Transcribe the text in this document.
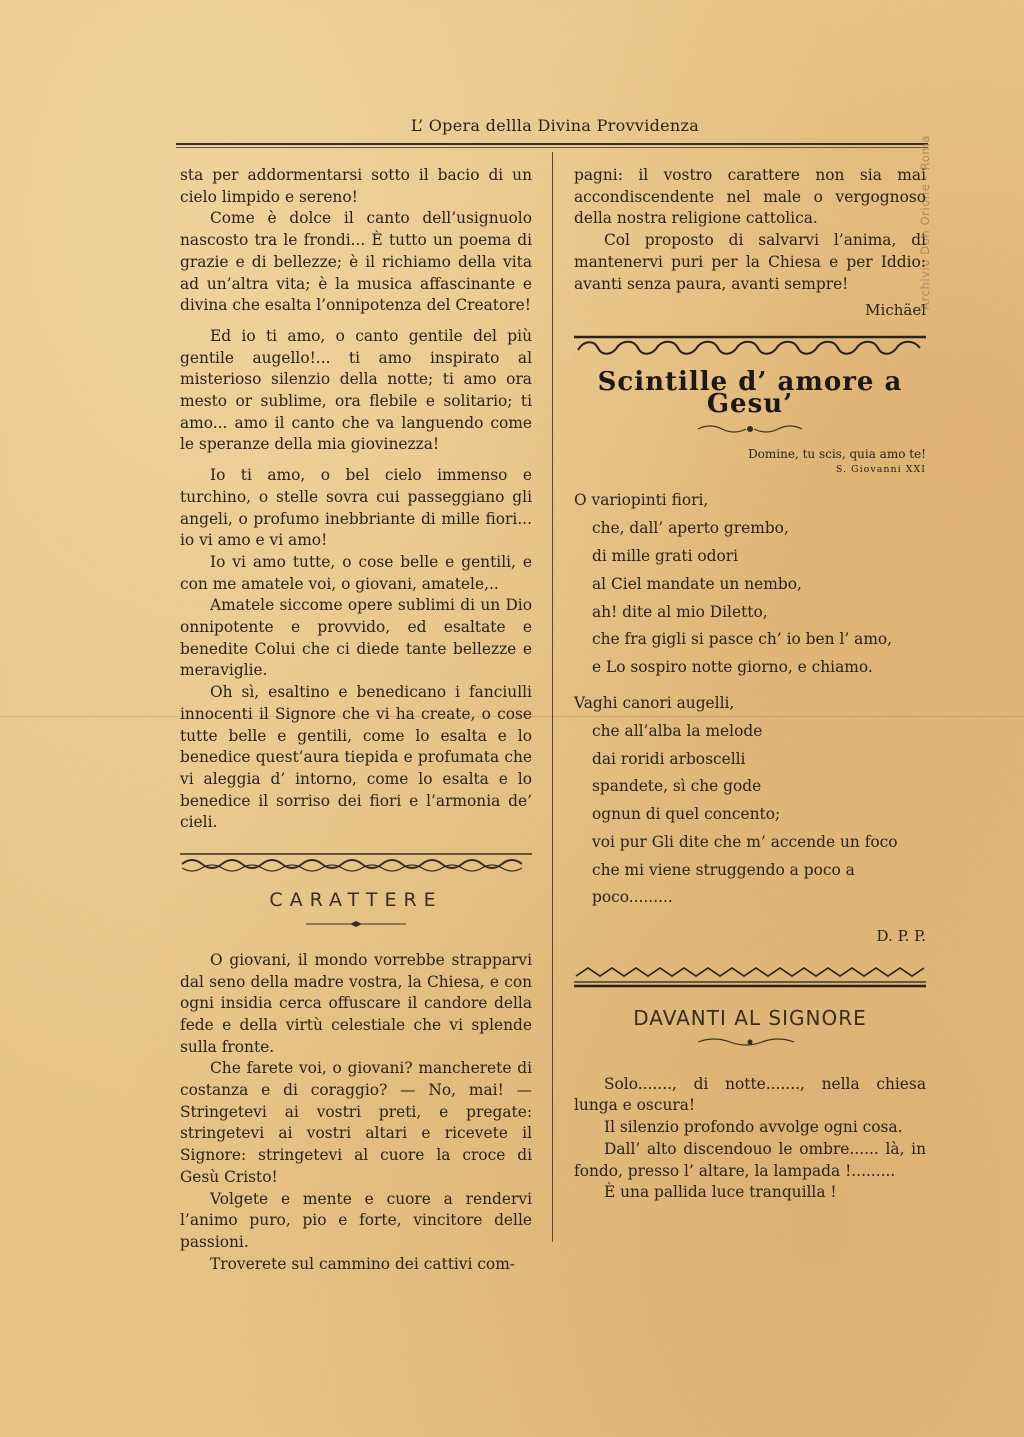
L’ Opera dellla Divina Provvidenza
Archivio Don Orione - Roma

sta per addormentarsi sotto il bacio di un cielo limpido e sereno!

Come è dolce il canto dell’usignuolo nascosto tra le frondi... È tutto un poema di grazie e di bellezze; è il richiamo della vita ad un’altra vita; è la musica affascinante e divina che esalta l’onnipotenza del Creatore!

Ed io ti amo, o canto gentile del più gentile augello!... ti amo inspirato al misterioso silenzio della notte; ti amo ora mesto or sublime, ora flebile e solitario; ti amo... amo il canto che va languendo come le speranze della mia giovinezza!

Io ti amo, o bel cielo immenso e turchino, o stelle sovra cui passeggiano gli angeli, o profumo inebbriante di mille fiori... io vi amo e vi amo!

Io vi amo tutte, o cose belle e gentili, e con me amatele voi, o giovani, amatele,..

Amatele siccome opere sublimi di un Dio onnipotente e provvido, ed esaltate e benedite Colui che ci diede tante bellezze e meraviglie.

Oh sì, esaltino e benedicano i fanciulli innocenti il Signore che vi ha create, o cose tutte belle e gentili, come lo esalta e lo benedice quest’aura tiepida e profumata che vi aleggia d’ intorno, come lo esalta e lo benedice il sorriso dei fiori e l’armonia de’ cieli.

CARATTERE

O giovani, il mondo vorrebbe strapparvi dal seno della madre vostra, la Chiesa, e con ogni insidia cerca offuscare il candore della fede e della virtù celestiale che vi splende sulla fronte.

Che farete voi, o giovani? mancherete di costanza e di coraggio? — No, mai! — Stringetevi ai vostri preti, e pregate: stringetevi ai vostri altari e ricevete il Signore: stringetevi al cuore la croce di Gesù Cristo!

Volgete e mente e cuore a rendervi l’animo puro, pio e forte, vincitore delle passioni.

Troverete sul cammino dei cattivi com-

pagni: il vostro carattere non sia mai accondiscendente nel male o vergognoso della nostra religione cattolica.

Col proposto di salvarvi l’anima, di mantenervi puri per la Chiesa e per Iddio: avanti senza paura, avanti sempre!

Michäel
Scintille d’ amore a Gesu’
Domine, tu scis, quia amo te!
S. Giovanni XXI
O variopinti fiori,
che, dall’ aperto grembo,
di mille grati odori
al Ciel mandate un nembo,
ah! dite al mio Diletto,
che fra gigli si pasce ch’ io ben l’ amo,
e Lo sospiro notte giorno, e chiamo.
Vaghi canori augelli,
che all’alba la melode
dai roridi arboscelli
spandete, sì che gode
ognun di quel concento;
voi pur Gli dite che m’ accende un foco
che mi viene struggendo a poco a poco.........
D. P. P.
DAVANTI AL SIGNORE

Solo......., di notte......., nella chiesa lunga e oscura!

Il silenzio profondo avvolge ogni cosa.

Dall’ alto discendouo le ombre...... là, in fondo, presso l’ altare, la lampada !.........

È una pallida luce tranquilla !
